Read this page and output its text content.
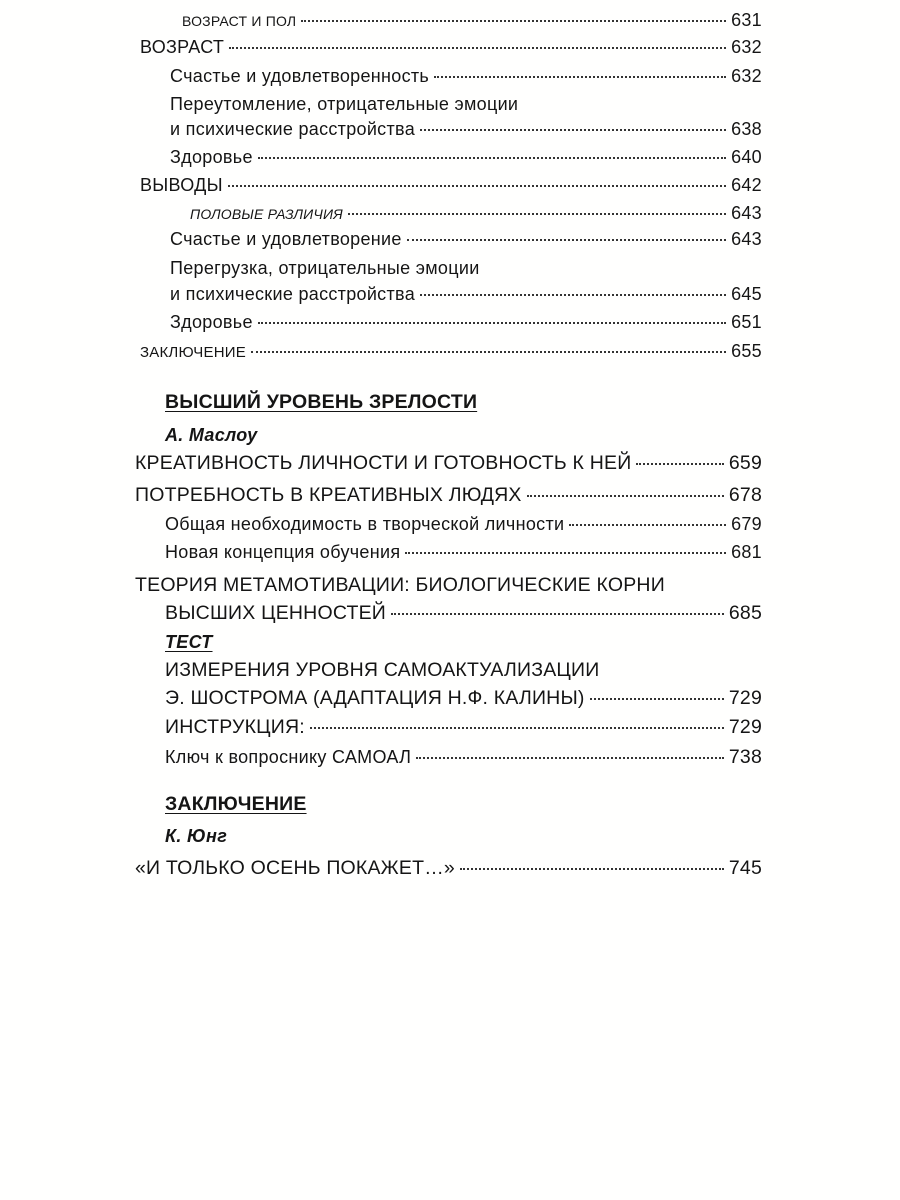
ВОЗРАСТ И ПОЛ	631
ВОЗРАСТ	632
Счастье и удовлетворенность	632
Переутомление, отрицательные эмоции
и психические расстройства	638
Здоровье	640
ВЫВОДЫ	642
ПОЛОВЫЕ РАЗЛИЧИЯ	643
Счастье и удовлетворение	643
Перегрузка, отрицательные эмоции
и психические расстройства	645
Здоровье	651
ЗАКЛЮЧЕНИЕ	655
ВЫСШИЙ УРОВЕНЬ ЗРЕЛОСТИ
А. Маслоу
КРЕАТИВНОСТЬ ЛИЧНОСТИ И ГОТОВНОСТЬ К НЕЙ	659
ПОТРЕБНОСТЬ В КРЕАТИВНЫХ ЛЮДЯХ	678
Общая необходимость в творческой личности	679
Новая концепция обучения	681
ТЕОРИЯ МЕТАМОТИВАЦИИ: БИОЛОГИЧЕСКИЕ КОРНИ
ВЫСШИХ ЦЕННОСТЕЙ	685
ТЕСТ
ИЗМЕРЕНИЯ УРОВНЯ САМОАКТУАЛИЗАЦИИ
Э. ШОСТРОМА (АДАПТАЦИЯ Н.Ф. КАЛИНЫ)	729
ИНСТРУКЦИЯ:	729
Ключ к вопроснику САМОАЛ	738
ЗАКЛЮЧЕНИЕ
К. Юнг
«И ТОЛЬКО ОСЕНЬ ПОКАЖЕТ…»	745
